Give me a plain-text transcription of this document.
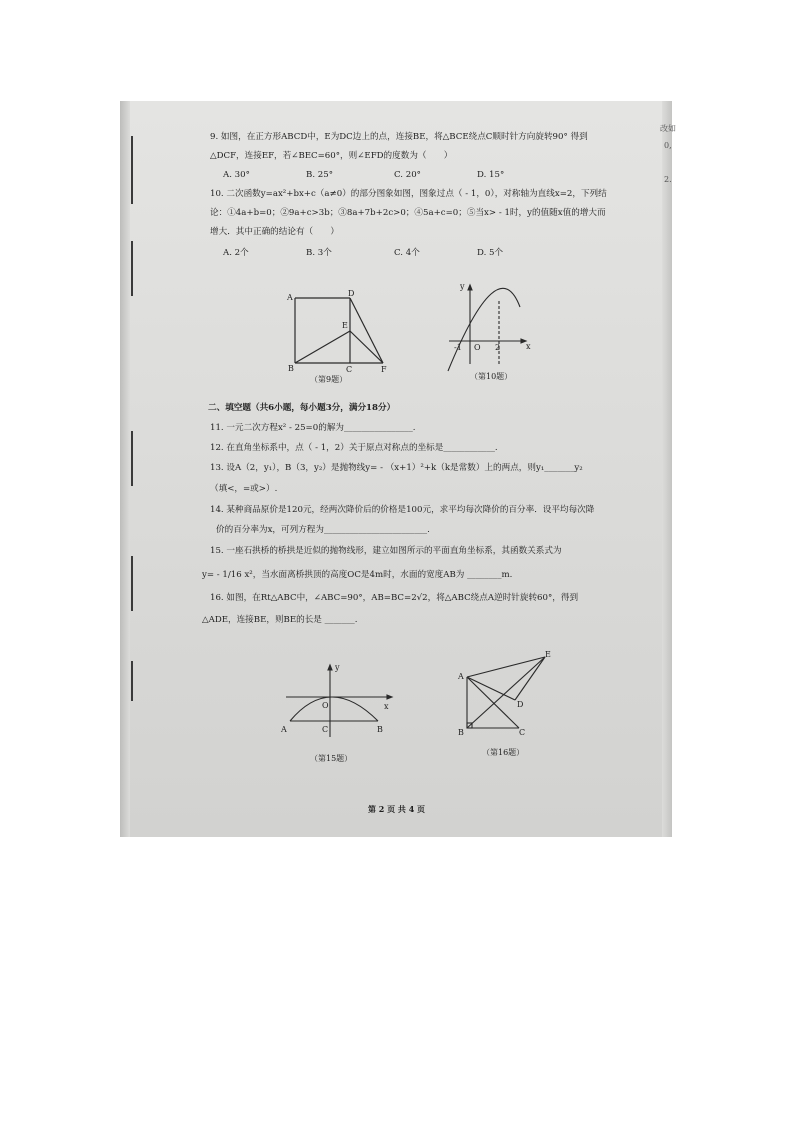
改如
0,
2.
9. 如图，在正方形ABCD中，E为DC边上的点，连接BE，将△BCE绕点C顺时针方向旋转90° 得到
△DCF，连接EF，若∠BEC=60°，则∠EFD的度数为（　　）
A. 30°	B. 25°	C. 20°	D. 15°
10. 二次函数y=ax²+bx+c（a≠0）的部分图象如图，图象过点（ - 1，0），对称轴为直线x=2，下列结
论：①4a+b=0；②9a+c>3b；③8a+7b+2c>0；④5a+c=0；⑤当x> - 1时，y的值随x值的增大而
增大．其中正确的结论有（　　）
A. 2个	B. 3个	C. 4个	D. 5个
A	D
E
B	C	F
（第9题）
y
x
-1 O 2
（第10题）
二、填空题（共6小题，每小题3分，满分18分）
11. 一元二次方程x² - 25=0的解为________________.
12. 在直角坐标系中，点（ - 1，2）关于原点对称点的坐标是____________.
13. 设A（2，y₁），B（3，y₂）是抛物线y= - （x+1）²+k（k是常数）上的两点，则y₁_______y₂
（填<，=或>）.
14. 某种商品原价是120元，经两次降价后的价格是100元，求平均每次降价的百分率．设平均每次降
价的百分率为x，可列方程为________________________.
15. 一座石拱桥的桥拱是近似的抛物线形，建立如图所示的平面直角坐标系，其函数关系式为
y= - 1/16 x²，当水面离桥拱顶的高度OC是4m时，水面的宽度AB为 ________m.
16. 如图，在Rt△ABC中，∠ABC=90°，AB=BC=2√2，将△ABC绕点A逆时针旋转60°，得到
△ADE，连接BE，则BE的长是 _______.
y
x
O
A	C	B
（第15题）
A
E
D
B	C
（第16题）
第 2 页 共 4 页
